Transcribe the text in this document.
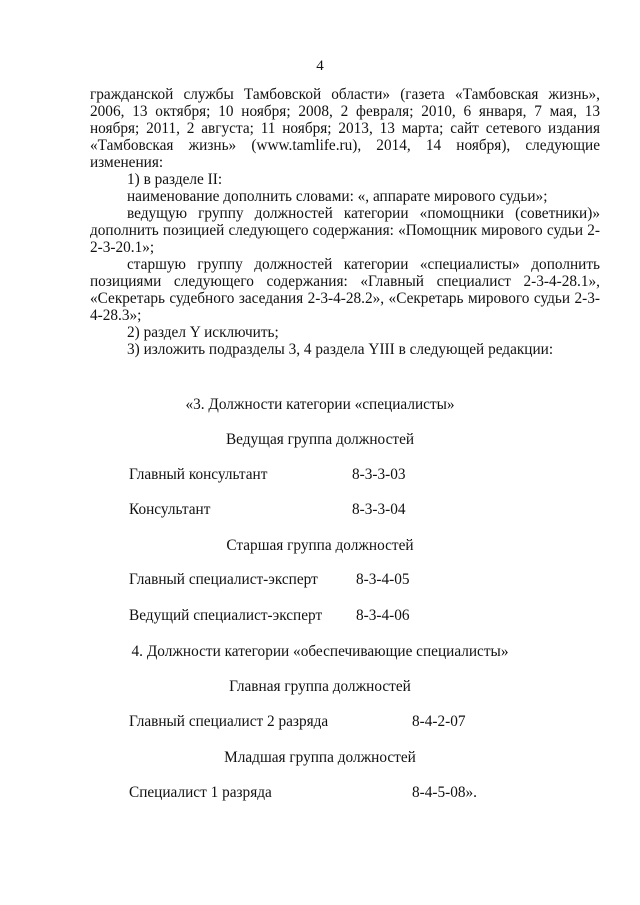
4

гражданской службы Тамбовской области» (газета «Тамбовская жизнь», 2006, 13 октября; 10 ноября; 2008, 2 февраля; 2010, 6 января, 7 мая, 13 ноября; 2011, 2 августа; 11 ноября; 2013, 13 марта; сайт сетевого издания «Тамбовская жизнь» (www.tamlife.ru), 2014, 14 ноября), следующие изменения:

1) в разделе II:

наименование дополнить словами: «, аппарате мирового судьи»;

ведущую группу должностей категории «помощники (советники)» дополнить позицией следующего содержания: «Помощник мирового судьи 2-2-3-20.1»;

старшую группу должностей категории «специалисты» дополнить позициями следующего содержания: «Главный специалист 2-3-4-28.1», «Секретарь судебного заседания 2-3-4-28.2», «Секретарь мирового судьи 2-3-4-28.3»;

2) раздел Y исключить;

3) изложить подразделы 3, 4 раздела YIII в следующей редакции:

«3. Должности категории «специалисты»
Ведущая группа должностей
Главный консультант	8-3-3-03
Консультант	8-3-3-04
Старшая группа должностей
Главный специалист-эксперт 8-3-4-05
Ведущий специалист-эксперт 8-3-4-06
4. Должности категории «обеспечивающие специалисты»
Главная группа должностей
Главный специалист 2 разряда	8-4-2-07
Младшая группа должностей
Специалист 1 разряда	8-4-5-08».
